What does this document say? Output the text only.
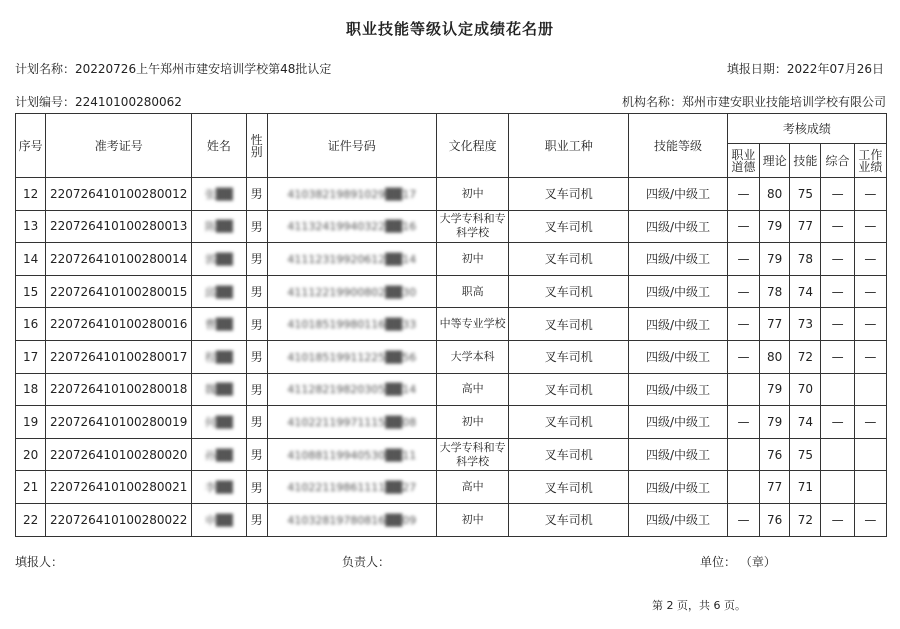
职业技能等级认定成绩花名册
计划名称：20220726上午郑州市建安培训学校第48批认定	填报日期：2022年07月26日
计划编号：22410100280062	机构名称：郑州市建安职业技能培训学校有限公司
序号	准考证号	姓名	性别	证件号码	文化程度	职业工种	技能等级	考核成绩				
								职业道德	理论	技能	综合	工作业绩
12	220726410100280012	张██	男	41038219891029██17	初中	叉车司机	四级/中级工	—	80	75	—	—
13	220726410100280013	陈██	男	41132419940322██16	大学专科和专科学校	叉车司机	四级/中级工	—	79	77	—	—
14	220726410100280014	郭██	男	41112319920612██14	初中	叉车司机	四级/中级工	—	79	78	—	—
15	220726410100280015	邱██	男	41112219900802██30	职高	叉车司机	四级/中级工	—	78	74	—	—
16	220726410100280016	曹██	男	41018519980116██33	中等专业学校	叉车司机	四级/中级工	—	77	73	—	—
17	220726410100280017	程██	男	41018519911225██56	大学本科	叉车司机	四级/中级工	—	80	72	—	—
18	220726410100280018	魏██	男	41128219820305██14	高中	叉车司机	四级/中级工		79	70		
19	220726410100280019	何██	男	41022119971115██08	初中	叉车司机	四级/中级工	—	79	74	—	—
20	220726410100280020	孙██	男	41088119940530██11	大学专科和专科学校	叉车司机	四级/中级工		76	75		
21	220726410100280021	李██	男	41022119861111██27	高中	叉车司机	四级/中级工		77	71		
22	220726410100280022	申██	男	41032819780816██09	初中	叉车司机	四级/中级工	—	76	72	—	—
填报人：	负责人：	单位： （章）
第 2 页，共 6 页。
